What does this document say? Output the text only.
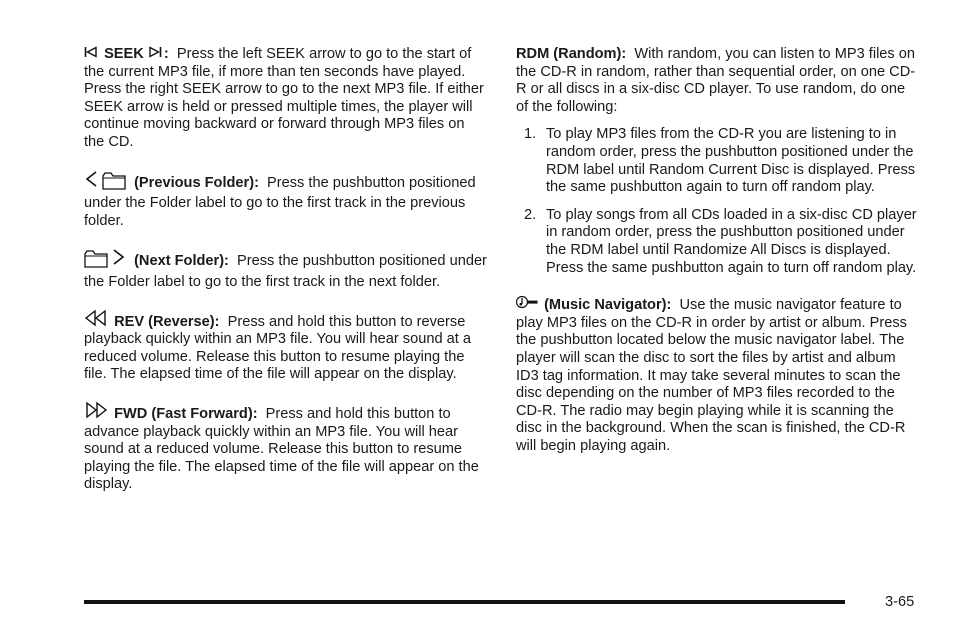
SEEK : Press the left SEEK arrow to go to the start of the current MP3 file, if more than ten seconds have played. Press the right SEEK arrow to go to the next MP3 file. If either SEEK arrow is held or pressed multiple times, the player will continue moving backward or forward through MP3 files on the CD.

(Previous Folder): Press the pushbutton positioned under the Folder label to go to the first track in the previous folder.

(Next Folder): Press the pushbutton positioned under the Folder label to go to the first track in the next folder.

REV (Reverse): Press and hold this button to reverse playback quickly within an MP3 file. You will hear sound at a reduced volume. Release this button to resume playing the file. The elapsed time of the file will appear on the display.

FWD (Fast Forward): Press and hold this button to advance playback quickly within an MP3 file. You will hear sound at a reduced volume. Release this button to resume playing the file. The elapsed time of the file will appear on the display.

RDM (Random): With random, you can listen to MP3 files on the CD-R in random, rather than sequential order, on one CD-R or all discs in a six-disc CD player. To use random, do one of the following:

1. To play MP3 files from the CD-R you are listening to in random order, press the pushbutton positioned under the RDM label until Random Current Disc is displayed. Press the same pushbutton again to turn off random play.
2. To play songs from all CDs loaded in a six-disc CD player in random order, press the pushbutton positioned under the RDM label until Randomize All Discs is displayed. Press the same pushbutton again to turn off random play.

(Music Navigator): Use the music navigator feature to play MP3 files on the CD-R in order by artist or album. Press the pushbutton located below the music navigator label. The player will scan the disc to sort the files by artist and album ID3 tag information. It may take several minutes to scan the disc depending on the number of MP3 files recorded to the CD-R. The radio may begin playing while it is scanning the disc in the background. When the scan is finished, the CD-R will begin playing again.

3-65
